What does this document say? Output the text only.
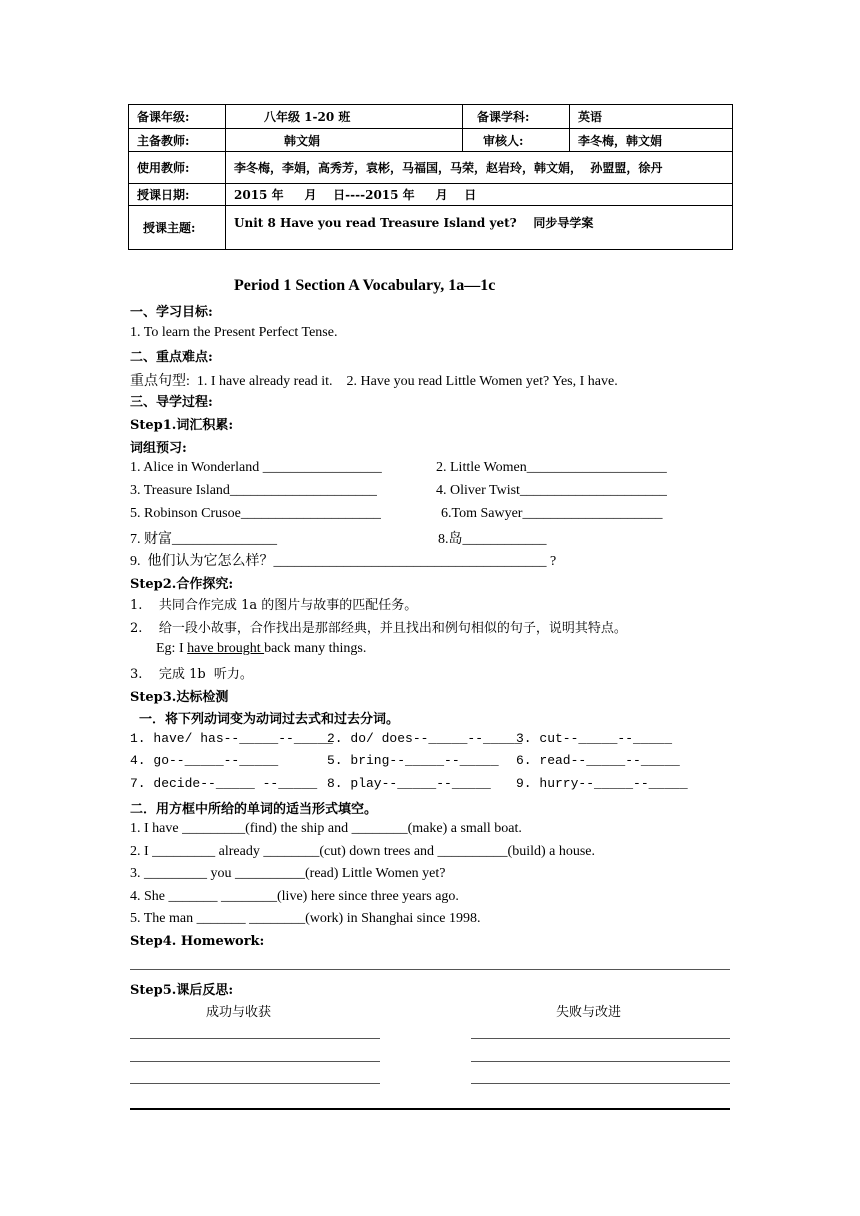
备课年级:	八年级 1-20 班	备课学科:	英语
主备教师:	韩文娟	审核人:	李冬梅，韩文娟
使用教师:	李冬梅，李娟，高秀芳，袁彬，马福国，马荣，赵岩玲，韩文娟，  孙盟盟，徐丹		
授课日期:	2015 年     月    日----2015 年     月    日		
授课主题:	Unit 8 Have you read Treasure Island yet?    同步导学案		
Period 1 Section A Vocabulary, 1a—1c
一、学习目标:
1. To learn the Present Perfect Tense.
二、重点难点:
重点句型:  1. I have already read it.    2. Have you read Little Women yet? Yes, I have.
三、导学过程:
Step1.词汇积累:
词组预习:
1. Alice in Wonderland _________________	2. Little Women____________________
3. Treasure Island_____________________	4. Oliver Twist_____________________
5. Robinson Crusoe____________________	6.Tom Sawyer____________________
7. 财富_______________	8.岛____________
9.  他们认为它怎么样？_______________________________________ ?
Step2.合作探究:
1.    共同合作完成 1a 的图片与故事的匹配任务。
2.    给一段小故事，合作找出是那部经典，并且找出和例句相似的句子，说明其特点。
Eg: I have brought back many things.
3.    完成 1b  听力。
Step3.达标检测
一．将下列动词变为动词过去式和过去分词。
1. have/ has--_____--_____
2. do/ does--_____--_____
3. cut--_____--_____
4. go--_____--_____	5. bring--_____--_____ 6. read--_____--_____
7. decide--_____ --_____ 8. play--_____--_____ 9. hurry--_____--_____
二．用方框中所给的单词的适当形式填空。
1. I have _________(find) the ship and ________(make) a small boat.
2. I _________ already ________(cut) down trees and __________(build) a house.
3. _________ you __________(read) Little Women yet?
4. She _______ ________(live) here since three years ago.
5. The man _______ ________(work) in Shanghai since 1998.
Step4. Homework:
Step5.课后反思:
成功与收获	失败与改进
